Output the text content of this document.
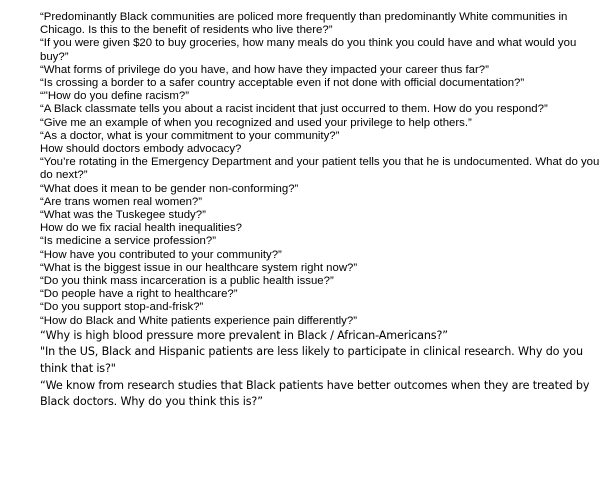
“Predominantly Black communities are policed more frequently than predominantly White communities in Chicago. Is this to the benefit of residents who live there?”

“If you were given $20 to buy groceries, how many meals do you think you could have and what would you buy?”

“What forms of privilege do you have, and how have they impacted your career thus far?”

“Is crossing a border to a safer country acceptable even if not done with official documentation?”

“"How do you define racism?”

“A Black classmate tells you about a racist incident that just occurred to them. How do you respond?”

“Give me an example of when you recognized and used your privilege to help others.”

“As a doctor, what is your commitment to your community?”

How should doctors embody advocacy?

“You’re rotating in the Emergency Department and your patient tells you that he is undocumented. What do you do next?”

“What does it mean to be gender non-conforming?”

“Are trans women real women?”

“What was the Tuskegee study?”

How do we fix racial health inequalities?

“Is medicine a service profession?”

“How have you contributed to your community?”

“What is the biggest issue in our healthcare system right now?”

“Do you think mass incarceration is a public health issue?”

“Do people have a right to healthcare?”

“Do you support stop-and-frisk?”

“How do Black and White patients experience pain differently?”

“Why is high blood pressure more prevalent in Black / African-Americans?”

"In the US, Black and Hispanic patients are less likely to participate in clinical research. Why do you think that is?"

“We know from research studies that Black patients have better outcomes when they are treated by Black doctors. Why do you think this is?”
